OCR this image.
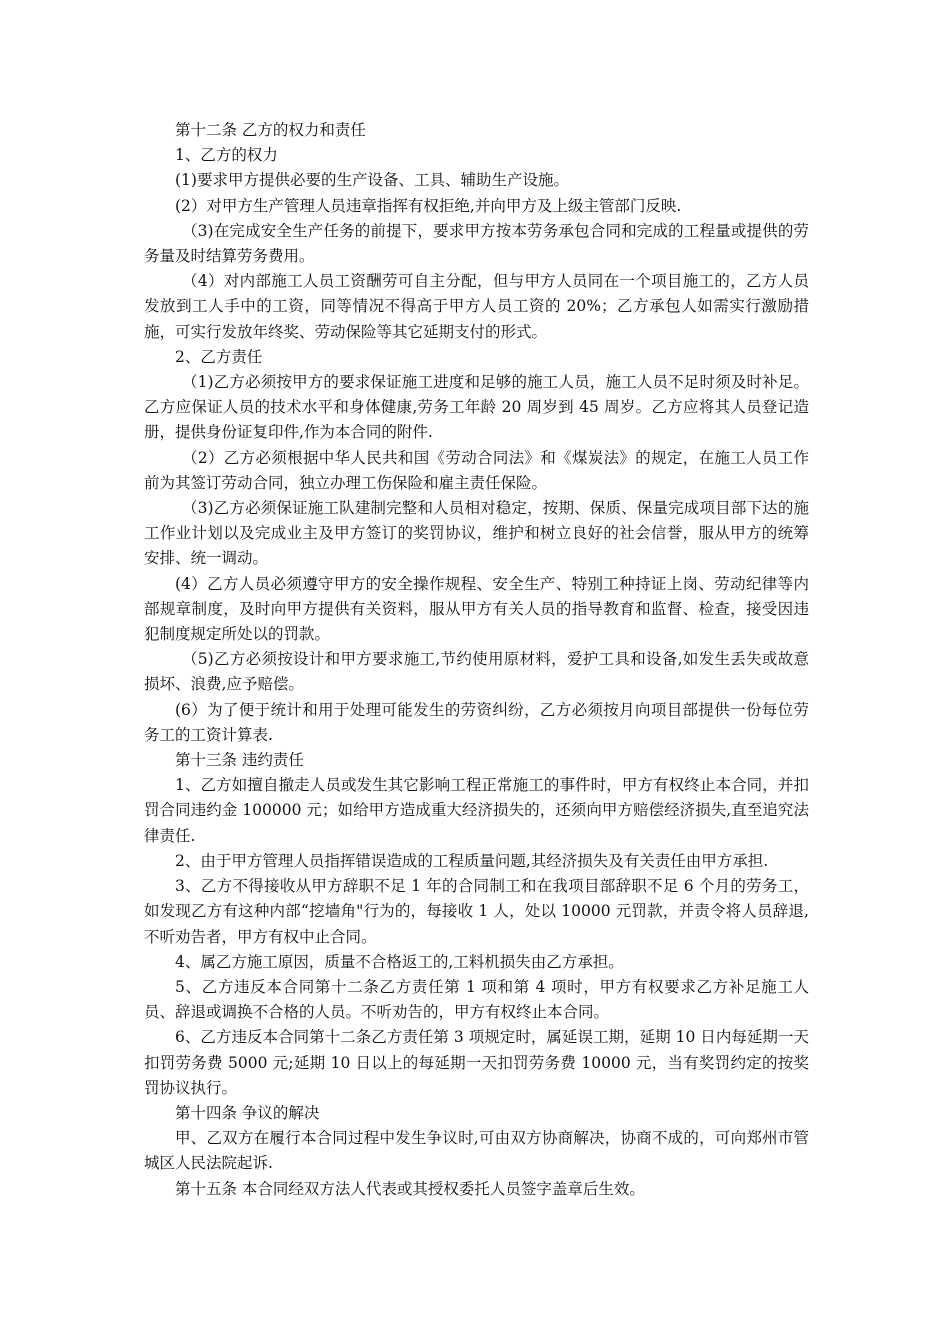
第十二条 乙方的权力和责任

1、乙方的权力

(1)要求甲方提供必要的生产设备、工具、辅助生产设施。

(2）对甲方生产管理人员违章指挥有权拒绝,并向甲方及上级主管部门反映.

（3)在完成安全生产任务的前提下，要求甲方按本劳务承包合同和完成的工程量或提供的劳务量及时结算劳务费用。

（4）对内部施工人员工资酬劳可自主分配，但与甲方人员同在一个项目施工的，乙方人员发放到工人手中的工资，同等情况不得高于甲方人员工资的 20%；乙方承包人如需实行激励措施，可实行发放年终奖、劳动保险等其它延期支付的形式。

2、乙方责任

（1)乙方必须按甲方的要求保证施工进度和足够的施工人员，施工人员不足时须及时补足。乙方应保证人员的技术水平和身体健康,劳务工年龄 20 周岁到 45 周岁。乙方应将其人员登记造册，提供身份证复印件,作为本合同的附件.

（2）乙方必须根据中华人民共和国《劳动合同法》和《煤炭法》的规定，在施工人员工作前为其签订劳动合同，独立办理工伤保险和雇主责任保险。

（3)乙方必须保证施工队建制完整和人员相对稳定，按期、保质、保量完成项目部下达的施工作业计划以及完成业主及甲方签订的奖罚协议，维护和树立良好的社会信誉，服从甲方的统筹安排、统一调动。

(4）乙方人员必须遵守甲方的安全操作规程、安全生产、特别工种持证上岗、劳动纪律等内部规章制度，及时向甲方提供有关资料，服从甲方有关人员的指导教育和监督、检查，接受因违犯制度规定所处以的罚款。

（5)乙方必须按设计和甲方要求施工,节约使用原材料，爱护工具和设备,如发生丢失或故意损坏、浪费,应予赔偿。

(6）为了便于统计和用于处理可能发生的劳资纠纷，乙方必须按月向项目部提供一份每位劳务工的工资计算表.

第十三条 违约责任

1、乙方如擅自撤走人员或发生其它影响工程正常施工的事件时，甲方有权终止本合同，并扣罚合同违约金 100000 元；如给甲方造成重大经济损失的，还须向甲方赔偿经济损失,直至追究法律责任.

2、由于甲方管理人员指挥错误造成的工程质量问题,其经济损失及有关责任由甲方承担.

3、乙方不得接收从甲方辞职不足 1 年的合同制工和在我项目部辞职不足 6 个月的劳务工，如发现乙方有这种内部“挖墙角"行为的，每接收 1 人，处以 10000 元罚款，并责令将人员辞退,不听劝告者，甲方有权中止合同。

4、属乙方施工原因，质量不合格返工的,工料机损失由乙方承担。

5、乙方违反本合同第十二条乙方责任第 1 项和第 4 项时，甲方有权要求乙方补足施工人员、辞退或调换不合格的人员。不听劝告的，甲方有权终止本合同。

6、乙方违反本合同第十二条乙方责任第 3 项规定时，属延误工期，延期 10 日内每延期一天扣罚劳务费 5000 元;延期 10 日以上的每延期一天扣罚劳务费 10000 元，当有奖罚约定的按奖罚协议执行。

第十四条 争议的解决

甲、乙双方在履行本合同过程中发生争议时,可由双方协商解决，协商不成的，可向郑州市管城区人民法院起诉.

第十五条 本合同经双方法人代表或其授权委托人员签字盖章后生效。
